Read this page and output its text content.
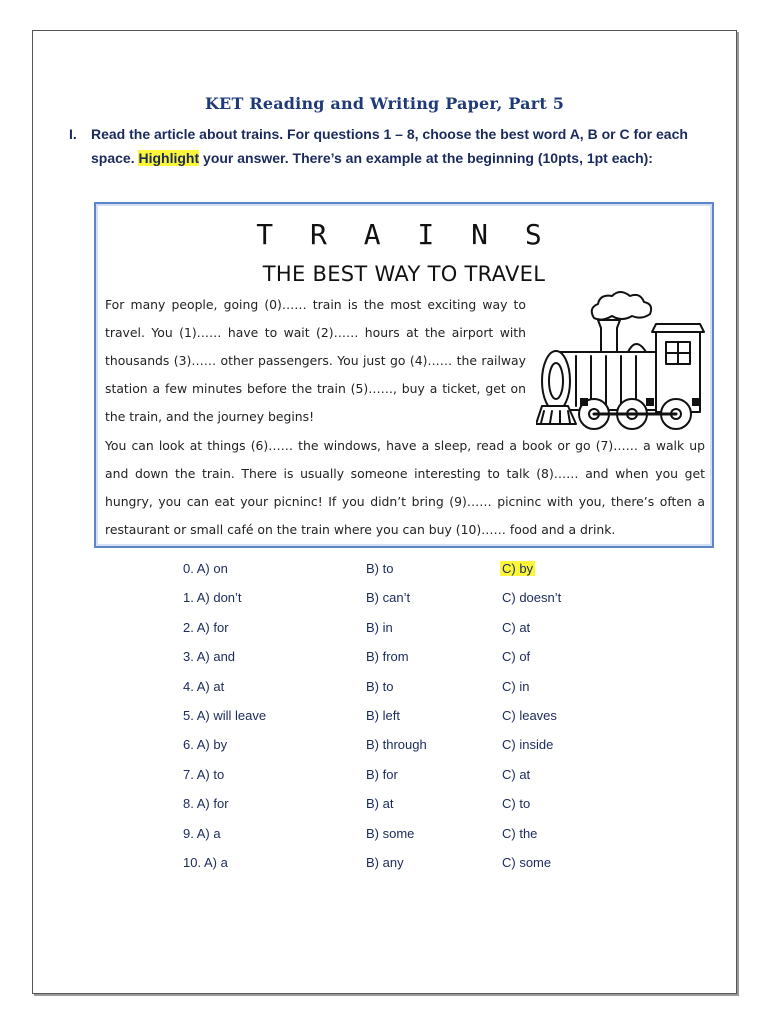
KET Reading and Writing Paper, Part 5
I. Read the article about trains. For questions 1 – 8, choose the best word A, B or C for each space. Highlight your answer. There’s an example at the beginning (10pts, 1pt each):
T R A I N S
THE BEST WAY TO TRAVEL
For many people, going (0)…… train is the most exciting way to travel. You (1)…… have to wait (2)…… hours at the airport with thousands (3)…… other passengers. You just go (4)…… the railway station a few minutes before the train (5)……, buy a ticket, get on the train, and the journey begins!
You can look at things (6)…… the windows, have a sleep, read a book or go (7)…… a walk up and down the train. There is usually someone interesting to talk (8)…… and when you get hungry, you can eat your picninc! If you didn’t bring (9)…… picninc with you, there’s often a restaurant or small café on the train where you can buy (10)…… food and a drink.
0. A) on	B) to	C) by
1. A) don’t	B) can’t	C) doesn’t
2. A) for	B) in	C) at
3. A) and	B) from	C) of
4. A) at	B) to	C) in
5. A) will leave	B) left	C) leaves
6. A) by	B) through	C) inside
7. A) to	B) for	C) at
8. A) for	B) at	C) to
9. A) a	B) some	C) the
10. A) a	B) any	C) some
